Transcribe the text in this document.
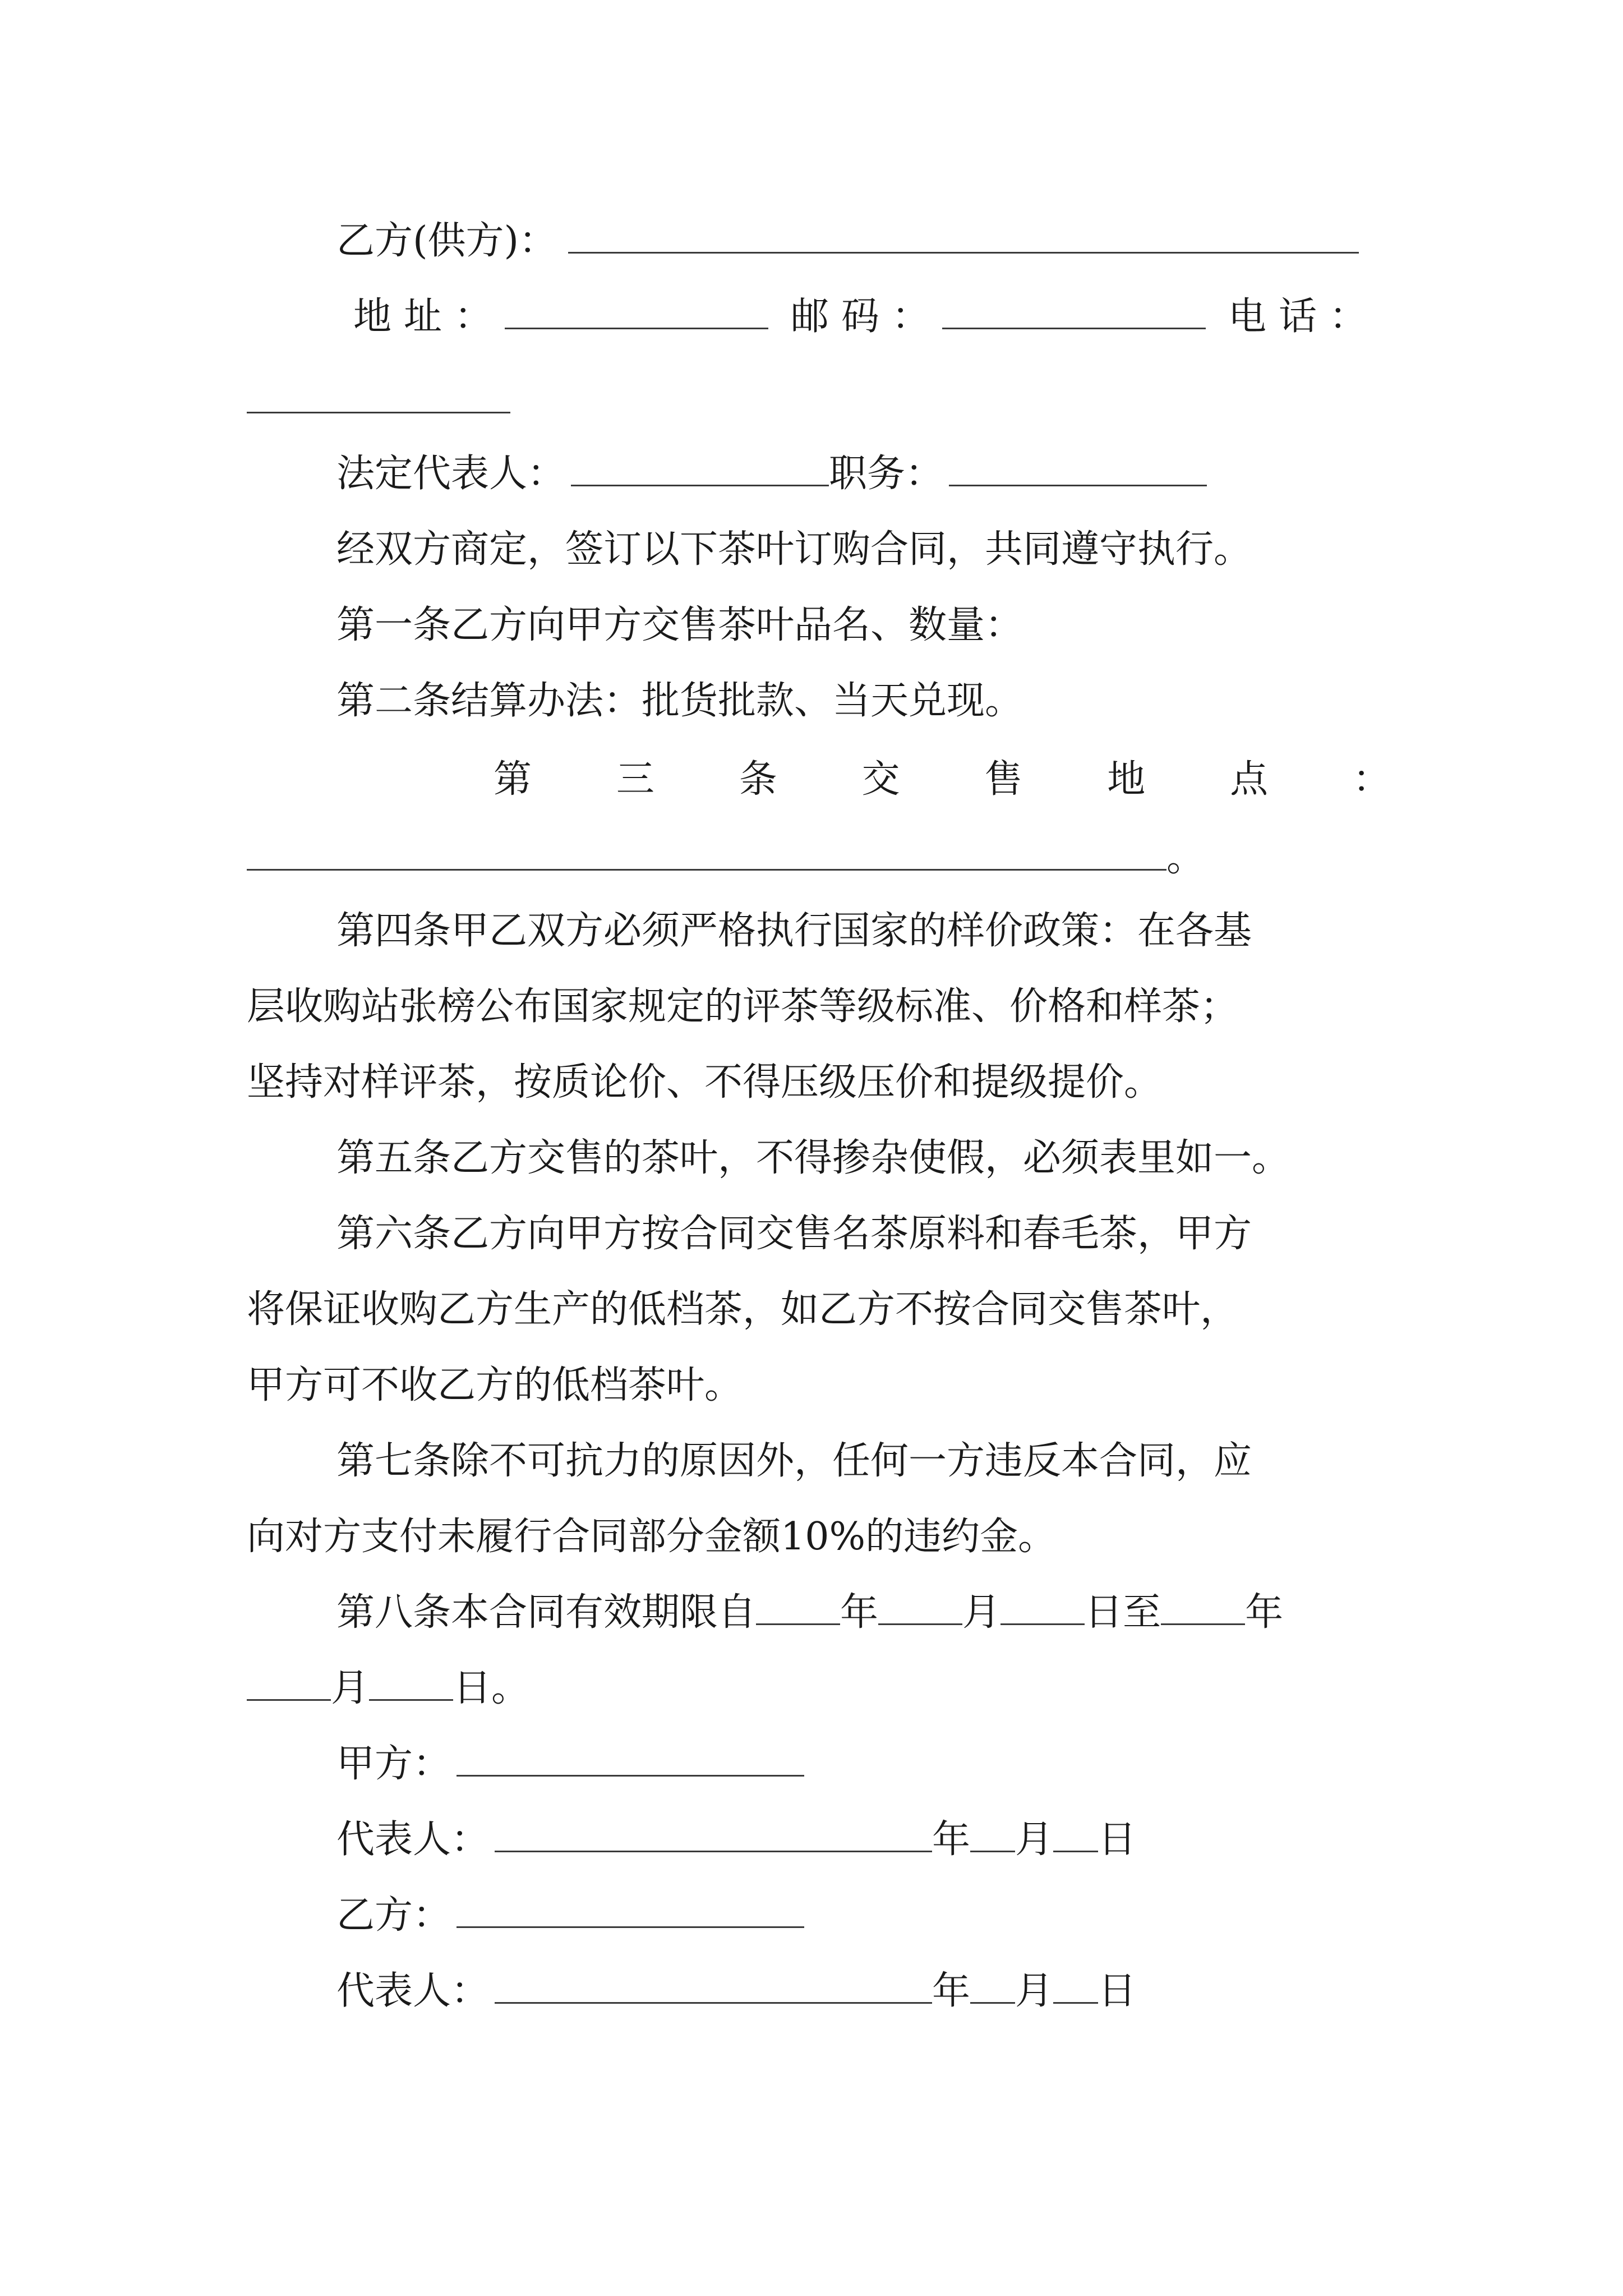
乙方(供方)：
地址：	邮码：	电话：
法定代表人：	职务：
经双方商定，签订以下茶叶订购合同，共同遵守执行。
第一条乙方向甲方交售茶叶品名、数量：
第二条结算办法：批货批款、当天兑现。
第 三 条 交 售 地 点 ：
。
第四条甲乙双方必须严格执行国家的样价政策：在各基
层收购站张榜公布国家规定的评茶等级标准、价格和样茶；
坚持对样评茶，按质论价、不得压级压价和提级提价。
第五条乙方交售的茶叶，不得掺杂使假，必须表里如一。
第六条乙方向甲方按合同交售名茶原料和春毛茶，甲方
将保证收购乙方生产的低档茶，如乙方不按合同交售茶叶，
甲方可不收乙方的低档茶叶。
第七条除不可抗力的原因外，任何一方违反本合同，应
向对方支付未履行合同部分金额10%的违约金。
第八条本合同有效期限自 年 月 日至 年
月 日。
甲方：
代表人：	年 月 日
乙方：
代表人：	年 月 日
